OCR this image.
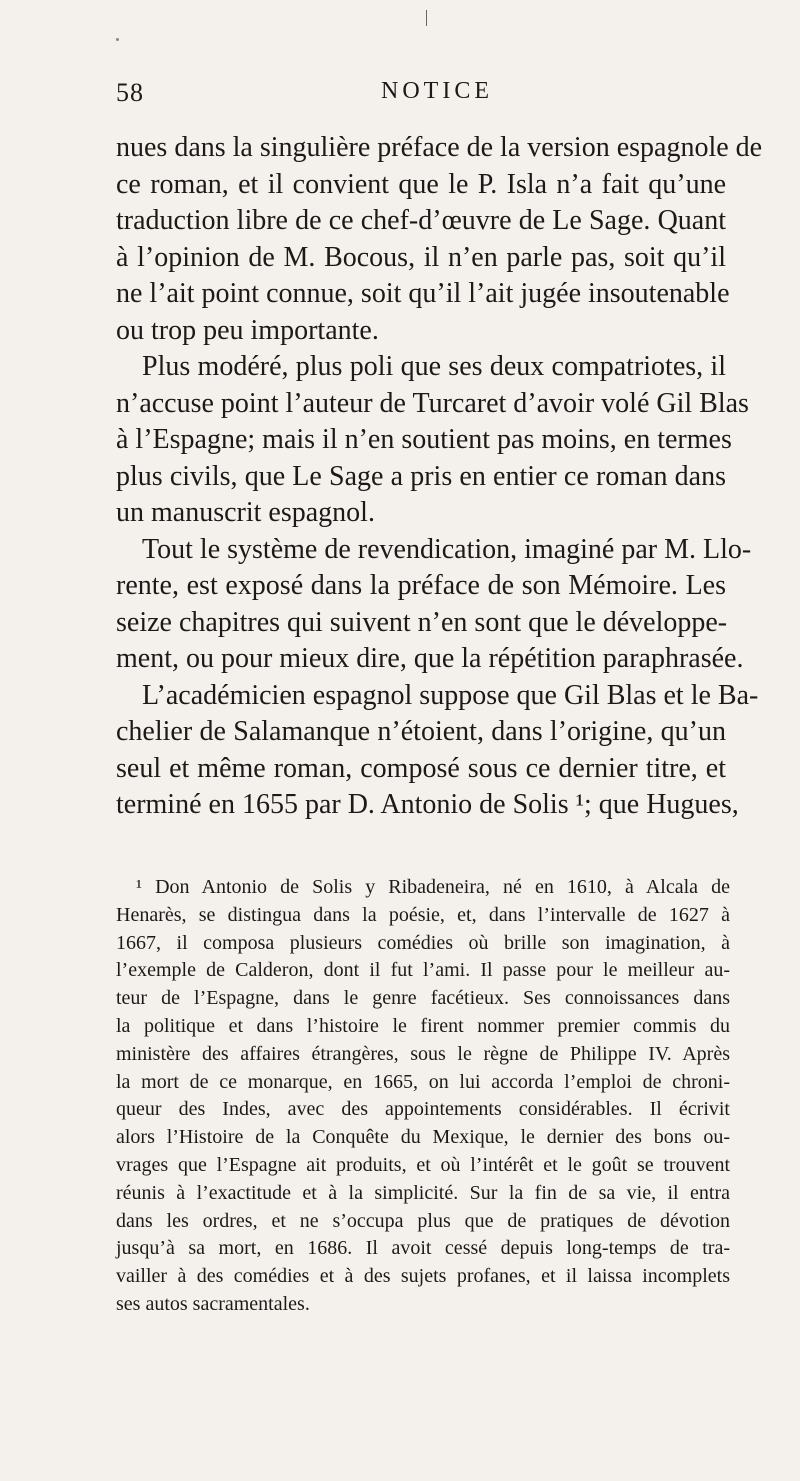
58	NOTICE
nues dans la singulière préface de la version espagnole de
ce roman, et il convient que le P. Isla n’a fait qu’une
traduction libre de ce chef-d’œuvre de Le Sage. Quant
à l’opinion de M. Bocous, il n’en parle pas, soit qu’il
ne l’ait point connue, soit qu’il l’ait jugée insoutenable
ou trop peu importante.
Plus modéré, plus poli que ses deux compatriotes, il
n’accuse point l’auteur de Turcaret d’avoir volé Gil Blas
à l’Espagne; mais il n’en soutient pas moins, en termes
plus civils, que Le Sage a pris en entier ce roman dans
un manuscrit espagnol.
Tout le système de revendication, imaginé par M. Llo-
rente, est exposé dans la préface de son Mémoire. Les
seize chapitres qui suivent n’en sont que le développe-
ment, ou pour mieux dire, que la répétition paraphrasée.
L’académicien espagnol suppose que Gil Blas et le Ba-
chelier de Salamanque n’étoient, dans l’origine, qu’un
seul et même roman, composé sous ce dernier titre, et
terminé en 1655 par D. Antonio de Solis ¹; que Hugues,
¹ Don Antonio de Solis y Ribadeneira, né en 1610, à Alcala de
Henarès, se distingua dans la poésie, et, dans l’intervalle de 1627 à
1667, il composa plusieurs comédies où brille son imagination, à
l’exemple de Calderon, dont il fut l’ami. Il passe pour le meilleur au-
teur de l’Espagne, dans le genre facétieux. Ses connoissances dans
la politique et dans l’histoire le firent nommer premier commis du
ministère des affaires étrangères, sous le règne de Philippe IV. Après
la mort de ce monarque, en 1665, on lui accorda l’emploi de chroni-
queur des Indes, avec des appointements considérables. Il écrivit
alors l’Histoire de la Conquête du Mexique, le dernier des bons ou-
vrages que l’Espagne ait produits, et où l’intérêt et le goût se trouvent
réunis à l’exactitude et à la simplicité. Sur la fin de sa vie, il entra
dans les ordres, et ne s’occupa plus que de pratiques de dévotion
jusqu’à sa mort, en 1686. Il avoit cessé depuis long-temps de tra-
vailler à des comédies et à des sujets profanes, et il laissa incomplets
ses autos sacramentales.
